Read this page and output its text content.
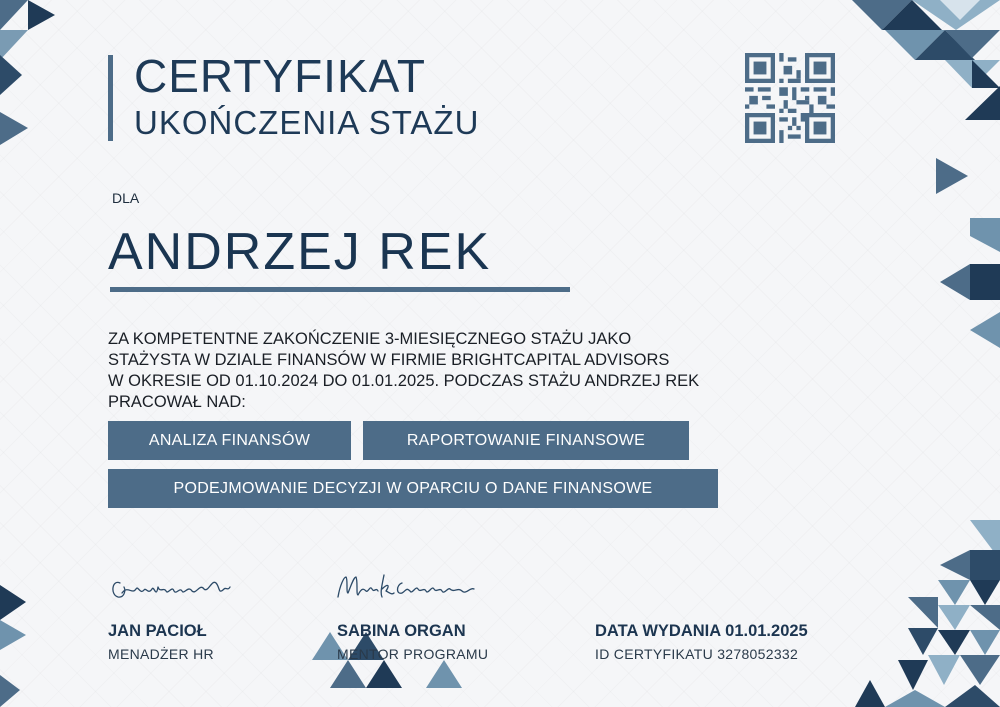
CERTYFIKAT
UKOŃCZENIA STAŻU
DLA
ANDRZEJ REK
ZA KOMPETENTNE ZAKOŃCZENIE 3-MIESIĘCZNEGO STAŻU JAKO
STAŻYSTA W DZIALE FINANSÓW W FIRMIE BRIGHTCAPITAL ADVISORS
W OKRESIE OD 01.10.2024 DO 01.01.2025. PODCZAS STAŻU ANDRZEJ REK
PRACOWAŁ NAD:
ANALIZA FINANSÓW	RAPORTOWANIE FINANSOWE
PODEJMOWANIE DECYZJI W OPARCIU O DANE FINANSOWE
JAN PACIOŁ
MENADŻER HR
SABINA ORGAN
MENTOR PROGRAMU
DATA WYDANIA 01.01.2025
ID CERTYFIKATU 3278052332
